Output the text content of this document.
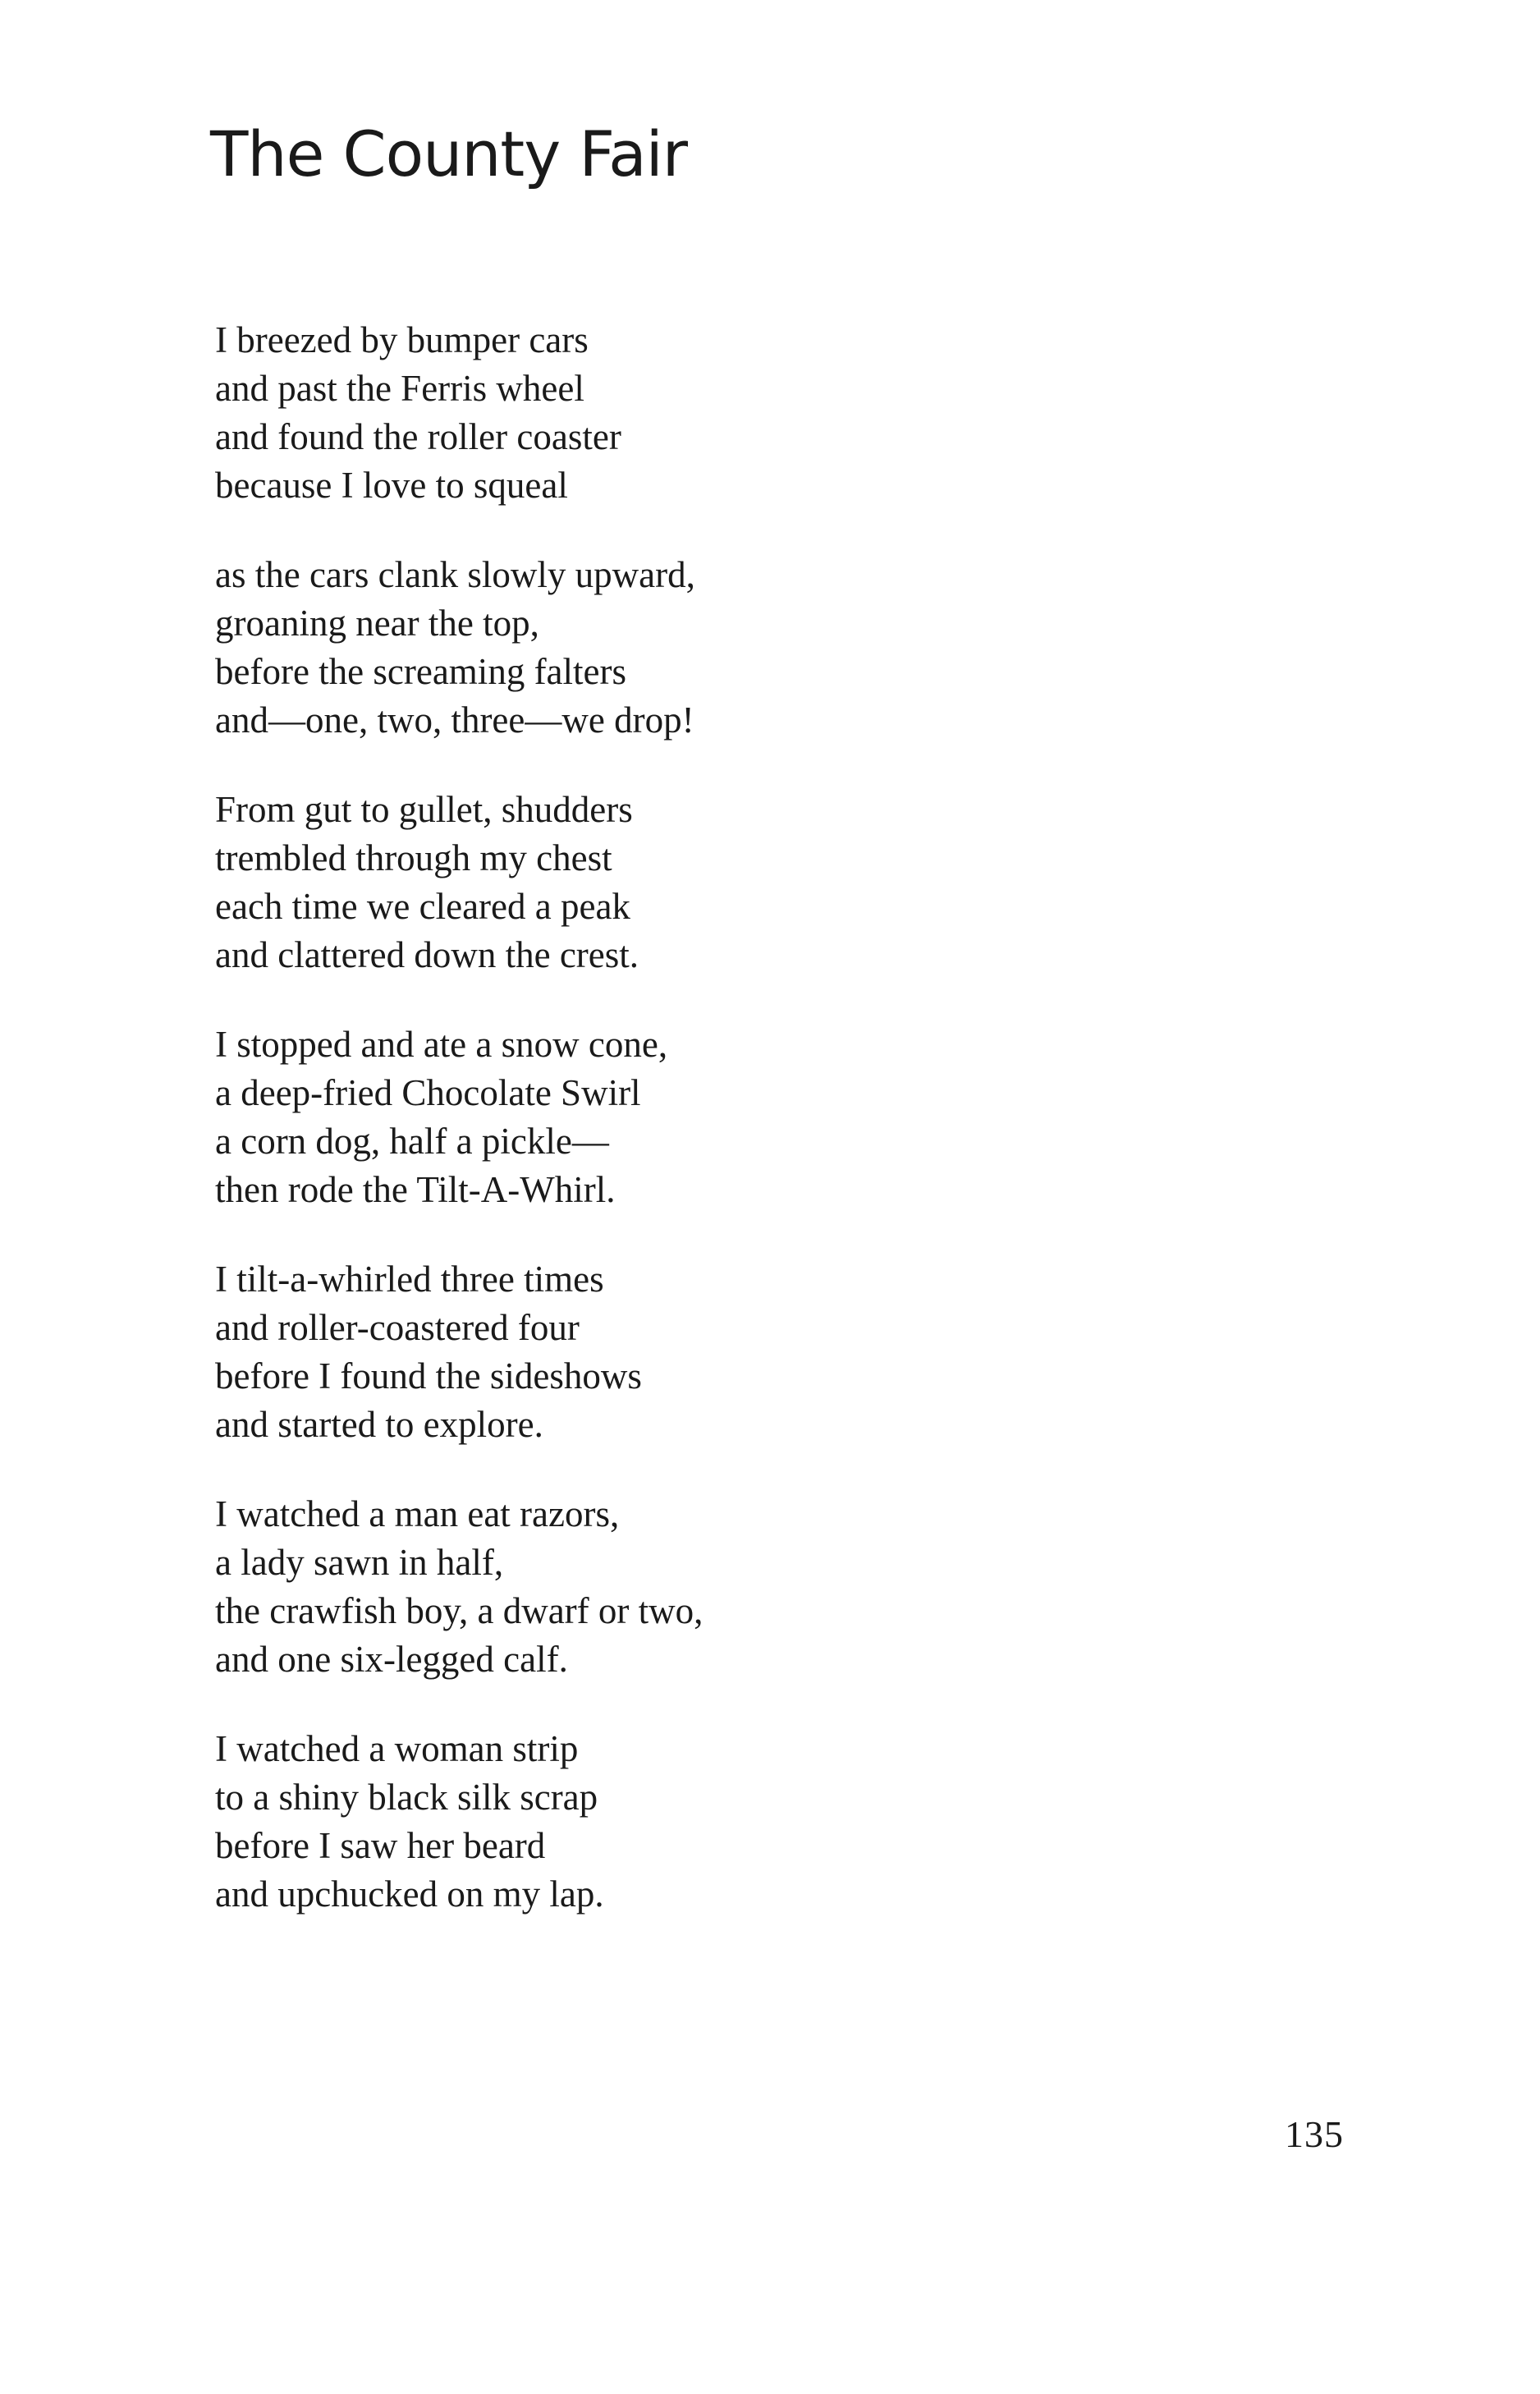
The County Fair
I breezed by bumper cars
and past the Ferris wheel
and found the roller coaster
because I love to squeal
as the cars clank slowly upward,
groaning near the top,
before the screaming falters
and—one, two, three—we drop!
From gut to gullet, shudders
trembled through my chest
each time we cleared a peak
and clattered down the crest.
I stopped and ate a snow cone,
a deep-fried Chocolate Swirl
a corn dog, half a pickle—
then rode the Tilt-A-Whirl.
I tilt-a-whirled three times
and roller-coastered four
before I found the sideshows
and started to explore.
I watched a man eat razors,
a lady sawn in half,
the crawfish boy, a dwarf or two,
and one six-legged calf.
I watched a woman strip
to a shiny black silk scrap
before I saw her beard
and upchucked on my lap.

135
